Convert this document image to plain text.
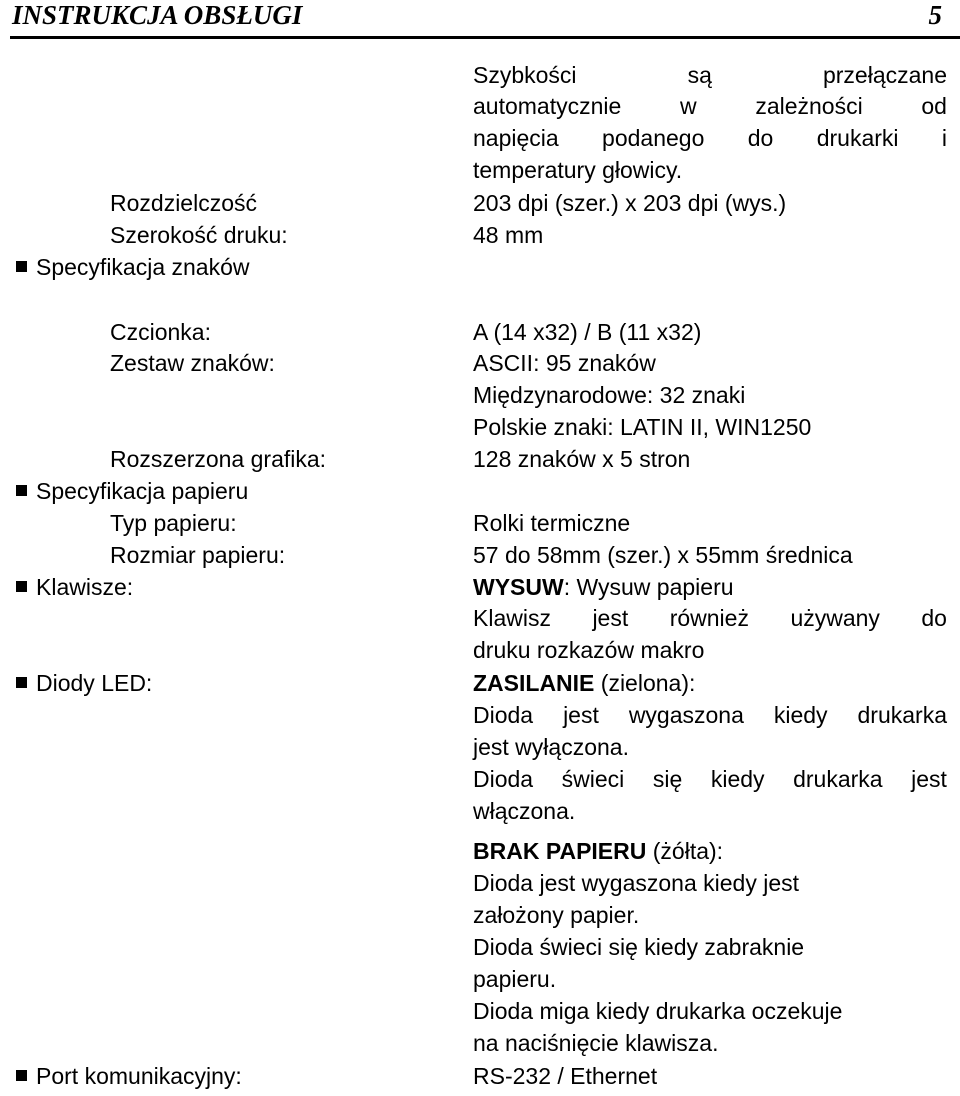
INSTRUKCJA OBSŁUGI	5
Szybkości	są	przełączane
automatycznie	w	zależności	od
napięcia podanego do drukarki i
temperatury głowicy.
Rozdzielczość	203 dpi (szer.) x 203 dpi (wys.)
Szerokość druku:	48 mm
Specyfikacja znaków
Czcionka:	A (14 x32) / B (11 x32)
Zestaw znaków:	ASCII: 95 znaków
Międzynarodowe: 32 znaki
Polskie znaki: LATIN II, WIN1250
Rozszerzona grafika:	128 znaków x 5 stron
Specyfikacja papieru
Typ papieru:	Rolki termiczne
Rozmiar papieru:	57 do 58mm (szer.) x 55mm średnica
Klawisze:	WYSUW: Wysuw papieru
Klawisz jest również używany do
druku rozkazów makro
Diody LED:	ZASILANIE (zielona):
Dioda jest wygaszona kiedy drukarka
jest wyłączona.
Dioda świeci się kiedy drukarka jest
włączona.
BRAK PAPIERU (żółta):
Dioda jest wygaszona kiedy jest
założony papier.
Dioda świeci się kiedy zabraknie
papieru.
Dioda miga kiedy drukarka oczekuje
na naciśnięcie klawisza.
Port komunikacyjny:	RS-232 / Ethernet
